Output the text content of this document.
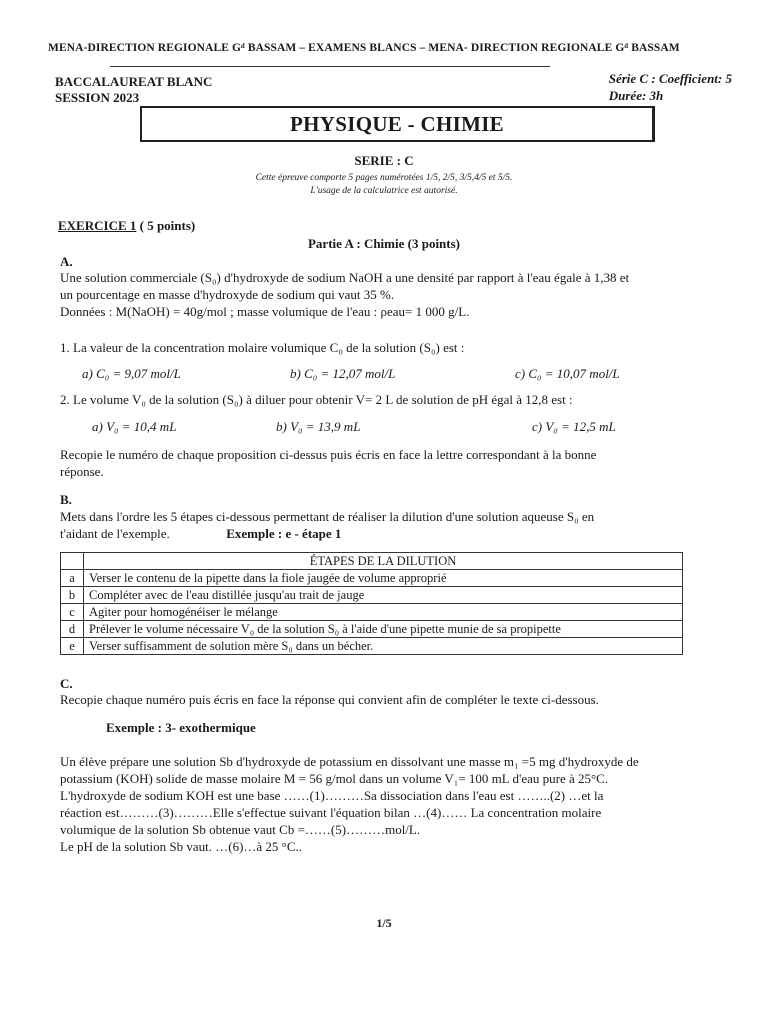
MENA-DIRECTION REGIONALE Gᵈ BASSAM – EXAMENS BLANCS – MENA- DIRECTION REGIONALE Gᵈ BASSAM
BACCALAUREAT BLANC
SESSION 2023
Série C : Coefficient: 5
Durée: 3h
PHYSIQUE - CHIMIE
SERIE : C
Cette épreuve comporte 5 pages numérotées 1/5, 2/5, 3/5,4/5 et 5/5.
L'usage de la calculatrice est autorisé.
EXERCICE 1 ( 5 points)
Partie A : Chimie (3 points)
A.
Une solution commerciale (S₀) d'hydroxyde de sodium NaOH a une densité par rapport à l'eau égale à 1,38 et
un pourcentage en masse d'hydroxyde de sodium qui vaut 35 %.
Données : M(NaOH) = 40g/mol ; masse volumique de l'eau : ρeau= 1 000 g/L.
1. La valeur de la concentration molaire volumique C₀ de la solution (S₀) est :
a) C₀ = 9,07 mol/L	b) C₀ = 12,07 mol/L	c) C₀ = 10,07 mol/L
2. Le volume V₀ de la solution (S₀) à diluer pour obtenir V= 2 L de solution de pH égal à 12,8 est :
a) V₀ = 10,4 mL	b) V₀ = 13,9 mL	c) V₀ = 12,5 mL
Recopie le numéro de chaque proposition ci-dessus puis écris en face la lettre correspondant à la bonne
réponse.
B.
Mets dans l'ordre les 5 étapes ci-dessous permettant de réaliser la dilution d'une solution aqueuse S₀ en
t'aidant de l'exemple.	Exemple : e - étape 1
	ÉTAPES DE LA DILUTION
a	Verser le contenu de la pipette dans la fiole jaugée de volume approprié
b	Compléter avec de l'eau distillée jusqu'au trait de jauge
c	Agiter pour homogénéiser le mélange
d	Prélever le volume nécessaire V₀ de la solution S₀ à l'aide d'une pipette munie de sa propipette
e	Verser suffisamment de solution mère S₀ dans un bécher.
C.
Recopie chaque numéro puis écris en face la réponse qui convient afin de compléter le texte ci-dessous.
Exemple : 3- exothermique
Un élève prépare une solution Sb d'hydroxyde de potassium en dissolvant une masse m₁ =5 mg d'hydroxyde de
potassium (KOH) solide de masse molaire M = 56 g/mol dans un volume V₁= 100 mL d'eau pure à 25°C.
L'hydroxyde de sodium KOH est une base ……(1)………Sa dissociation dans l'eau est ……..(2) …et la
réaction est………(3)………Elle s'effectue suivant l'équation bilan …(4)…… La concentration molaire
volumique de la solution Sb obtenue vaut Cb =……(5)………mol/L.
Le pH de la solution Sb vaut. …(6)…à 25 °C..
1/5
